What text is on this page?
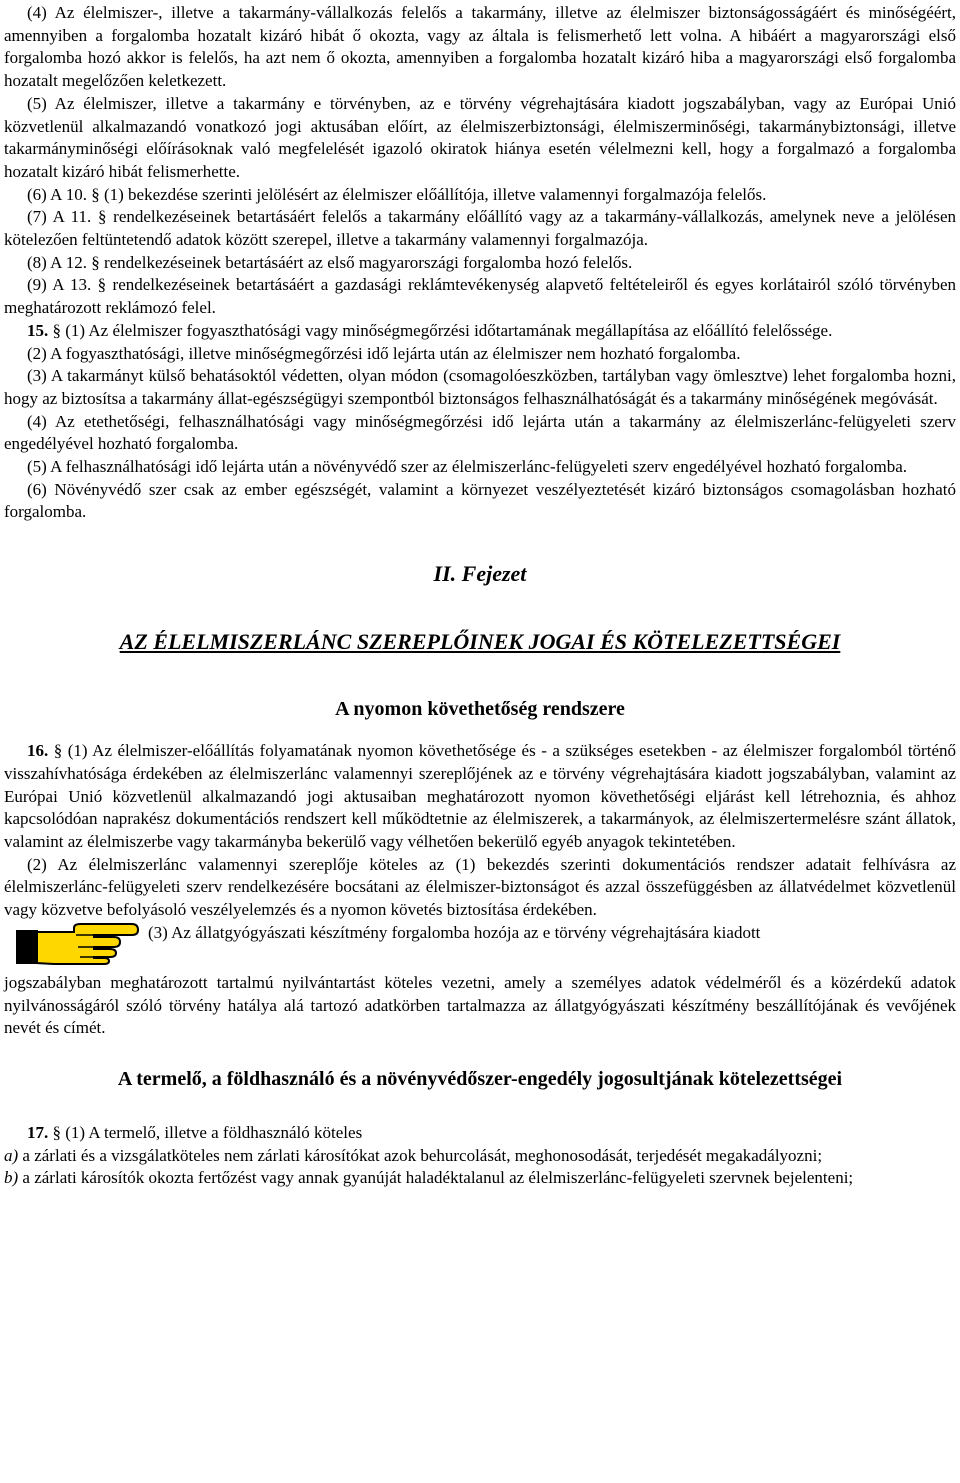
(4) Az élelmiszer-, illetve a takarmány-vállalkozás felelős a takarmány, illetve az élelmiszer biztonságosságáért és minőségéért, amennyiben a forgalomba hozatalt kizáró hibát ő okozta, vagy az általa is felismerhető lett volna. A hibáért a magyarországi első forgalomba hozó akkor is felelős, ha azt nem ő okozta, amennyiben a forgalomba hozatalt kizáró hiba a magyarországi első forgalomba hozatalt megelőzően keletkezett.

(5) Az élelmiszer, illetve a takarmány e törvényben, az e törvény végrehajtására kiadott jogszabályban, vagy az Európai Unió közvetlenül alkalmazandó vonatkozó jogi aktusában előírt, az élelmiszerbiztonsági, élelmiszerminőségi, takarmánybiztonsági, illetve takarmányminőségi előírásoknak való megfelelését igazoló okiratok hiánya esetén vélelmezni kell, hogy a forgalmazó a forgalomba hozatalt kizáró hibát felismerhette.

(6) A 10. § (1) bekezdése szerinti jelölésért az élelmiszer előállítója, illetve valamennyi forgalmazója felelős.

(7) A 11. § rendelkezéseinek betartásáért felelős a takarmány előállító vagy az a takarmány-vállalkozás, amelynek neve a jelölésen kötelezően feltüntetendő adatok között szerepel, illetve a takarmány valamennyi forgalmazója.

(8) A 12. § rendelkezéseinek betartásáért az első magyarországi forgalomba hozó felelős.

(9) A 13. § rendelkezéseinek betartásáért a gazdasági reklámtevékenység alapvető feltételeiről és egyes korlátairól szóló törvényben meghatározott reklámozó felel.

15. § (1) Az élelmiszer fogyaszthatósági vagy minőségmegőrzési időtartamának megállapítása az előállító felelőssége.

(2) A fogyaszthatósági, illetve minőségmegőrzési idő lejárta után az élelmiszer nem hozható forgalomba.

(3) A takarmányt külső behatásoktól védetten, olyan módon (csomagolóeszközben, tartályban vagy ömlesztve) lehet forgalomba hozni, hogy az biztosítsa a takarmány állat-egészségügyi szempontból biztonságos felhasználhatóságát és a takarmány minőségének megóvását.

(4) Az etethetőségi, felhasználhatósági vagy minőségmegőrzési idő lejárta után a takarmány az élelmiszerlánc-felügyeleti szerv engedélyével hozható forgalomba.

(5) A felhasználhatósági idő lejárta után a növényvédő szer az élelmiszerlánc-felügyeleti szerv engedélyével hozható forgalomba.

(6) Növényvédő szer csak az ember egészségét, valamint a környezet veszélyeztetését kizáró biztonságos csomagolásban hozható forgalomba.

II. Fejezet
AZ ÉLELMISZERLÁNC SZEREPLŐINEK JOGAI ÉS KÖTELEZETTSÉGEI
A nyomon követhetőség rendszere

16. § (1) Az élelmiszer-előállítás folyamatának nyomon követhetősége és - a szükséges esetekben - az élelmiszer forgalomból történő visszahívhatósága érdekében az élelmiszerlánc valamennyi szereplőjének az e törvény végrehajtására kiadott jogszabályban, valamint az Európai Unió közvetlenül alkalmazandó jogi aktusaiban meghatározott nyomon követhetőségi eljárást kell létrehoznia, és ahhoz kapcsolódóan naprakész dokumentációs rendszert kell működtetnie az élelmiszerek, a takarmányok, az élelmiszertermelésre szánt állatok, valamint az élelmiszerbe vagy takarmányba bekerülő vagy vélhetően bekerülő egyéb anyagok tekintetében.

(2) Az élelmiszerlánc valamennyi szereplője köteles az (1) bekezdés szerinti dokumentációs rendszer adatait felhívásra az élelmiszerlánc-felügyeleti szerv rendelkezésére bocsátani az élelmiszer-biztonságot és azzal összefüggésben az állatvédelmet közvetlenül vagy közvetve befolyásoló veszélyelemzés és a nyomon követés biztosítása érdekében.

(3) Az állatgyógyászati készítmény forgalomba hozója az e törvény végrehajtására kiadott

jogszabályban meghatározott tartalmú nyilvántartást köteles vezetni, amely a személyes adatok védelméről és a közérdekű adatok nyilvánosságáról szóló törvény hatálya alá tartozó adatkörben tartalmazza az állatgyógyászati készítmény beszállítójának és vevőjének nevét és címét.

A termelő, a földhasználó és a növényvédőszer-engedély jogosultjának kötelezettségei

17. § (1) A termelő, illetve a földhasználó köteles

a) a zárlati és a vizsgálatköteles nem zárlati károsítókat azok behurcolását, meghonosodását, terjedését megakadályozni;

b) a zárlati károsítók okozta fertőzést vagy annak gyanúját haladéktalanul az élelmiszerlánc-felügyeleti szervnek bejelenteni;
